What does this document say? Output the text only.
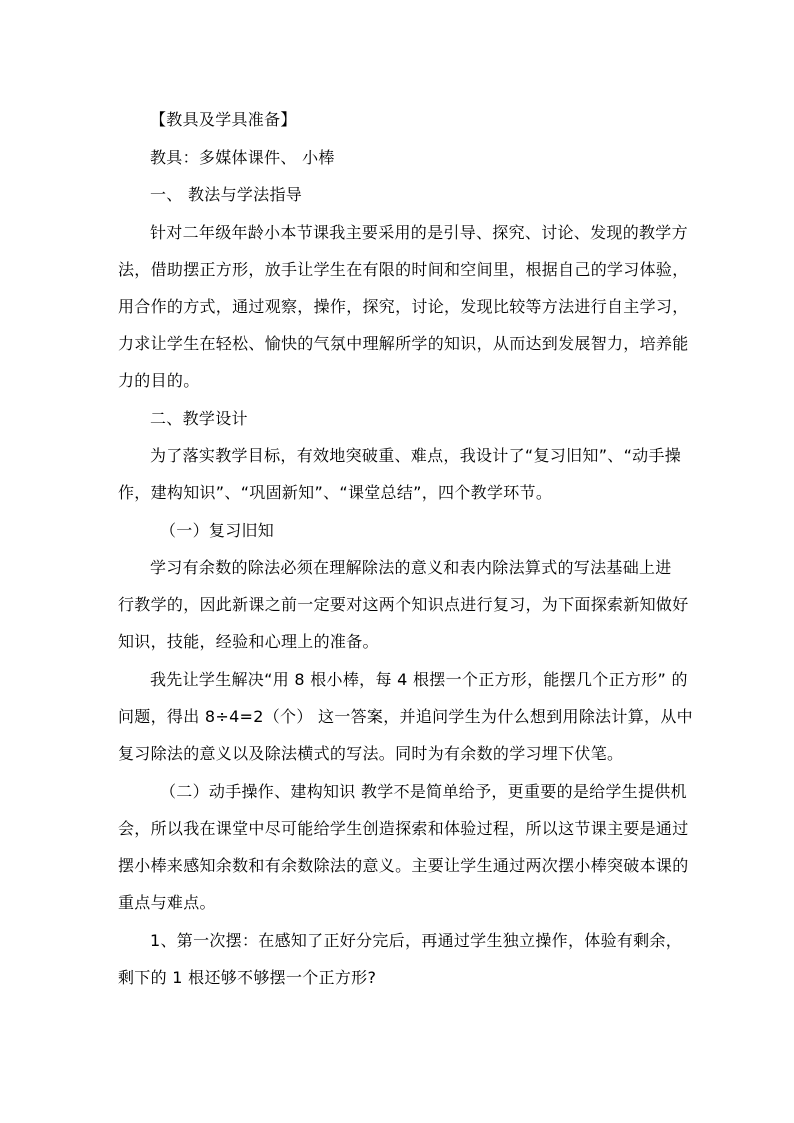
【教具及学具准备】
教具：多媒体课件、 小棒
一、 教法与学法指导
针对二年级年龄小本节课我主要采用的是引导、探究、讨论、发现的教学方
法，借助摆正方形，放手让学生在有限的时间和空间里，根据自己的学习体验，
用合作的方式，通过观察，操作，探究，讨论，发现比较等方法进行自主学习，
力求让学生在轻松、愉快的气氛中理解所学的知识，从而达到发展智力，培养能
力的目的。
二、教学设计
为了落实教学目标，有效地突破重、难点，我设计了“复习旧知”、“动手操
作，建构知识”、“巩固新知”、“课堂总结”，四个教学环节。
（一）复习旧知
学习有余数的除法必须在理解除法的意义和表内除法算式的写法基础上进
行教学的，因此新课之前一定要对这两个知识点进行复习，为下面探索新知做好
知识，技能，经验和心理上的准备。
我先让学生解决“用 8 根小棒，每 4 根摆一个正方形，能摆几个正方形” 的
问题，得出 8÷4=2（个） 这一答案，并追问学生为什么想到用除法计算，从中
复习除法的意义以及除法横式的写法。同时为有余数的学习埋下伏笔。
（二）动手操作、建构知识 教学不是简单给予，更重要的是给学生提供机
会，所以我在课堂中尽可能给学生创造探索和体验过程，所以这节课主要是通过
摆小棒来感知余数和有余数除法的意义。主要让学生通过两次摆小棒突破本课的
重点与难点。
1、第一次摆：在感知了正好分完后，再通过学生独立操作，体验有剩余，
剩下的 1 根还够不够摆一个正方形?
